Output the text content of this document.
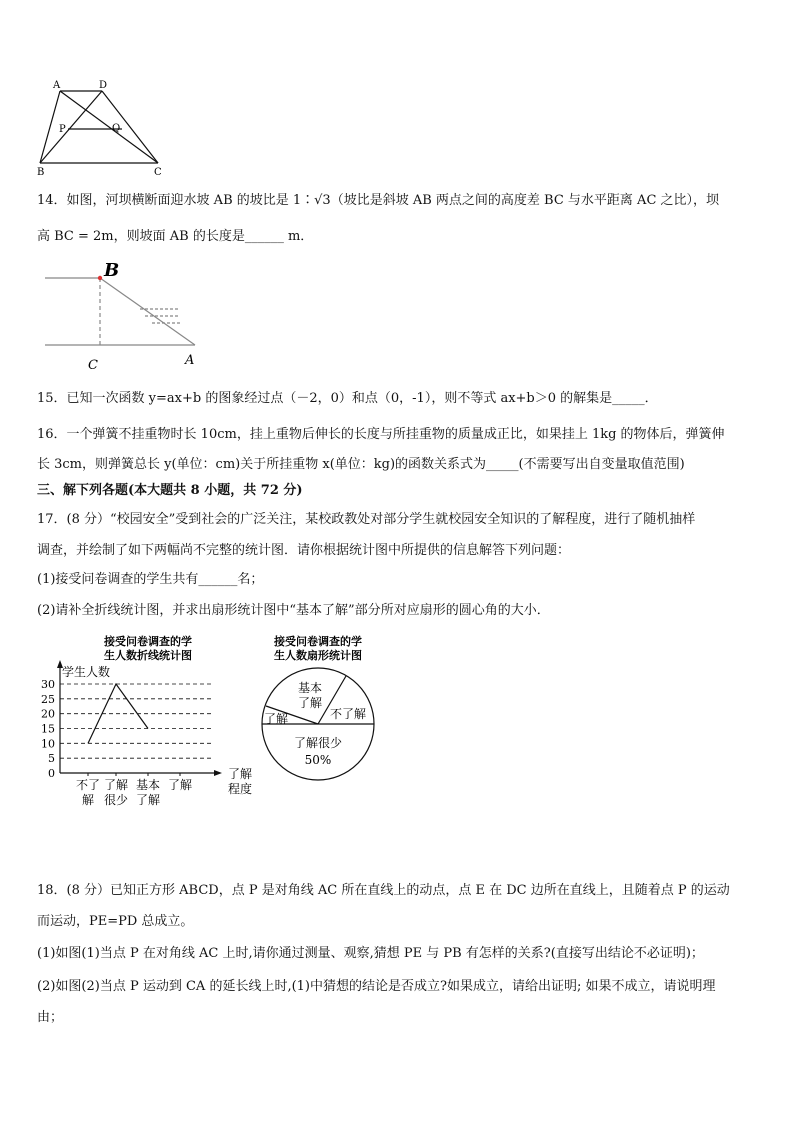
A	D
P	Q
B	C
14．如图，河坝横断面迎水坡 AB 的坡比是 1∶√3（坡比是斜坡 AB 两点之间的高度差 BC 与水平距离 AC 之比），坝
高 BC = 2m，则坡面 AB 的长度是______ m．
B
C	A
15．已知一次函数 y=ax+b 的图象经过点（－2，0）和点（0，-1），则不等式 ax+b＞0 的解集是_____．
16．一个弹簧不挂重物时长 10cm，挂上重物后伸长的长度与所挂重物的质量成正比，如果挂上 1kg 的物体后，弹簧伸
长 3cm，则弹簧总长 y(单位：cm)关于所挂重物 x(单位：kg)的函数关系式为_____(不需要写出自变量取值范围)
三、解下列各题(本大题共 8 小题，共 72 分)
17．(8 分）“校园安全”受到社会的广泛关注，某校政教处对部分学生就校园安全知识的了解程度，进行了随机抽样
调查，并绘制了如下两幅尚不完整的统计图．请你根据统计图中所提供的信息解答下列问题：
(1)接受问卷调查的学生共有______名；
(2)请补全折线统计图，并求出扇形统计图中“基本了解”部分所对应扇形的圆心角的大小．
接受问卷调查的学
生人数折线统计图
学生人数
0
5
10
15
20
25
30
不了
解
了解
很少
基本
了解
了解
了解
程度
接受问卷调查的学
生人数扇形统计图
基本
了解
不了解
了解
了解很少
50%
18．(8 分）已知正方形 ABCD，点 P 是对角线 AC 所在直线上的动点，点 E 在 DC 边所在直线上，且随着点 P 的运动
而运动，PE=PD 总成立。
(1)如图(1)当点 P 在对角线 AC 上时,请你通过测量、观察,猜想 PE 与 PB 有怎样的关系?(直接写出结论不必证明)；
(2)如图(2)当点 P 运动到 CA 的延长线上时,(1)中猜想的结论是否成立?如果成立，请给出证明; 如果不成立，请说明理
由；
